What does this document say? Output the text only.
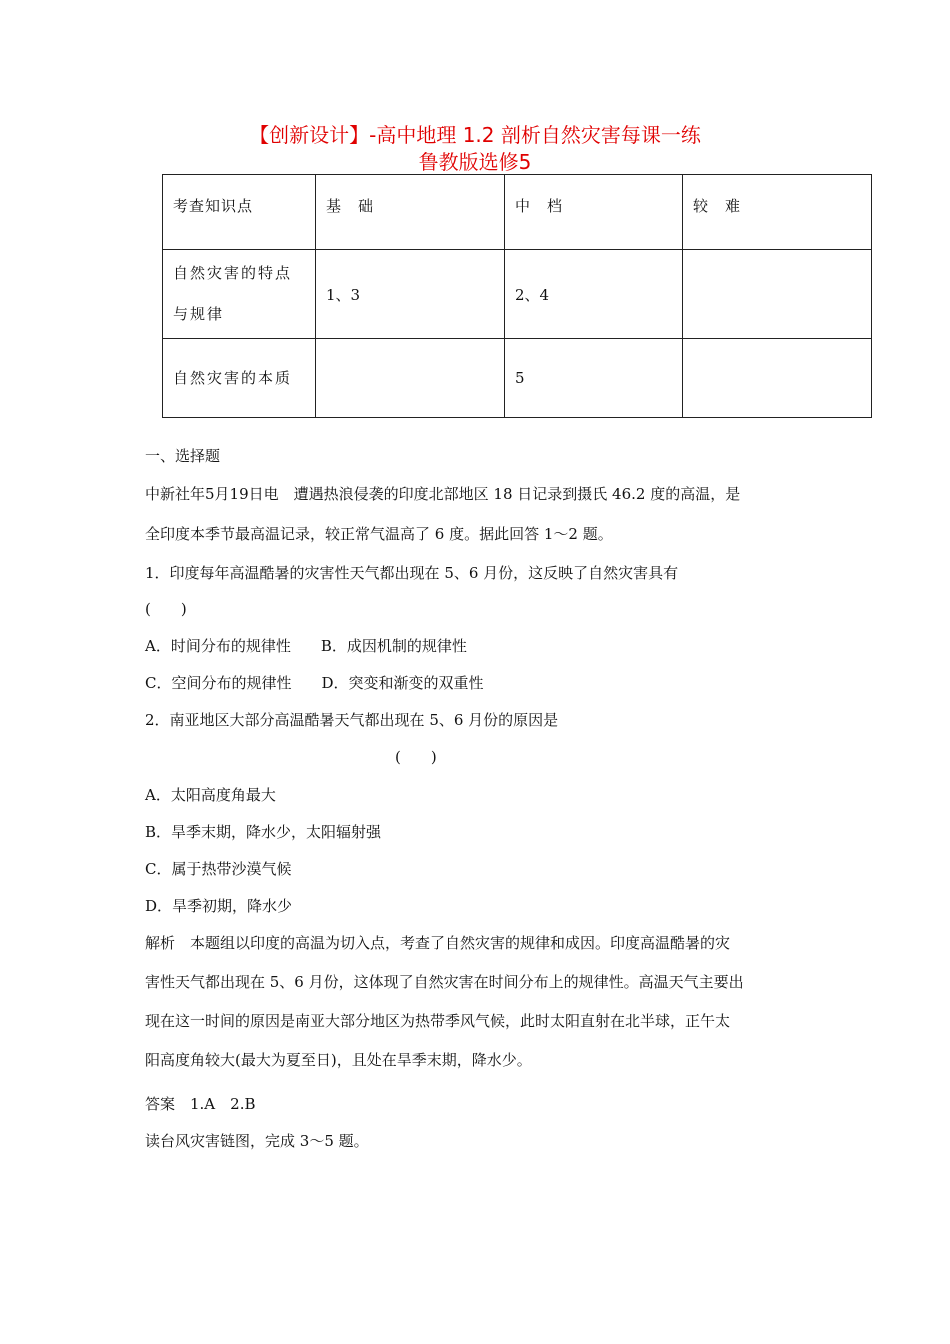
【创新设计】-高中地理 1.2 剖析自然灾害每课一练
鲁教版选修5
考查知识点	基　础	中　档	较　难
自然灾害的特点与规律	1、3	2、4	
自然灾害的本质		5	
一、选择题
中新社年5月19日电　遭遇热浪侵袭的印度北部地区 18 日记录到摄氏 46.2 度的高温，是
全印度本季节最高温记录，较正常气温高了 6 度。据此回答 1～2 题。
1．印度每年高温酷暑的灾害性天气都出现在 5、6 月份，这反映了自然灾害具有
(　　)
A．时间分布的规律性　　B．成因机制的规律性
C．空间分布的规律性　　D．突变和渐变的双重性
2．南亚地区大部分高温酷暑天气都出现在 5、6 月份的原因是
(　　)
A．太阳高度角最大
B．旱季末期，降水少，太阳辐射强
C．属于热带沙漠气候
D．旱季初期，降水少
解析　本题组以印度的高温为切入点，考查了自然灾害的规律和成因。印度高温酷暑的灾
害性天气都出现在 5、6 月份，这体现了自然灾害在时间分布上的规律性。高温天气主要出
现在这一时间的原因是南亚大部分地区为热带季风气候，此时太阳直射在北半球，正午太
阳高度角较大(最大为夏至日)，且处在旱季末期，降水少。
答案　1.A　2.B
读台风灾害链图，完成 3～5 题。
